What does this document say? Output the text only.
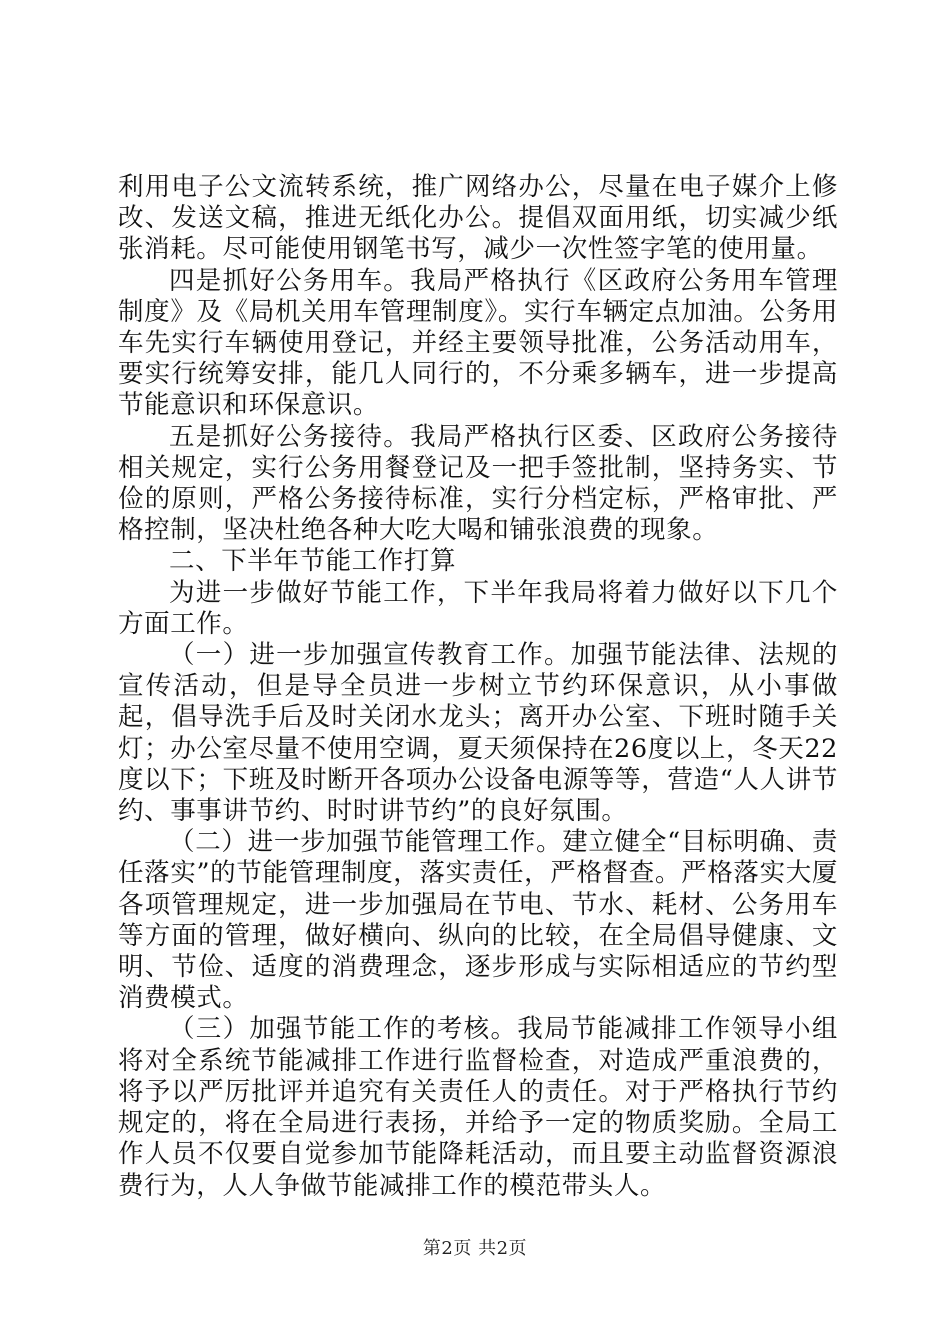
利用电子公文流转系统，推广网络办公，尽量在电子媒介上修改、发送文稿，推进无纸化办公。提倡双面用纸，切实减少纸张消耗。尽可能使用钢笔书写，减少一次性签字笔的使用量。

四是抓好公务用车。我局严格执行《区政府公务用车管理制度》及《局机关用车管理制度》。实行车辆定点加油。公务用车先实行车辆使用登记，并经主要领导批准，公务活动用车，要实行统筹安排，能几人同行的，不分乘多辆车，进一步提高节能意识和环保意识。

五是抓好公务接待。我局严格执行区委、区政府公务接待相关规定，实行公务用餐登记及一把手签批制，坚持务实、节俭的原则，严格公务接待标准，实行分档定标，严格审批、严格控制，坚决杜绝各种大吃大喝和铺张浪费的现象。

二、下半年节能工作打算

为进一步做好节能工作，下半年我局将着力做好以下几个方面工作。

（一）进一步加强宣传教育工作。加强节能法律、法规的宣传活动，但是导全员进一步树立节约环保意识，从小事做起，倡导洗手后及时关闭水龙头；离开办公室、下班时随手关灯；办公室尽量不使用空调，夏天须保持在26度以上，冬天22度以下；下班及时断开各项办公设备电源等等，营造“人人讲节约、事事讲节约、时时讲节约”的良好氛围。

（二）进一步加强节能管理工作。建立健全“目标明确、责任落实”的节能管理制度，落实责任，严格督查。严格落实大厦各项管理规定，进一步加强局在节电、节水、耗材、公务用车等方面的管理，做好横向、纵向的比较，在全局倡导健康、文明、节俭、适度的消费理念，逐步形成与实际相适应的节约型消费模式。

（三）加强节能工作的考核。我局节能减排工作领导小组将对全系统节能减排工作进行监督检查，对造成严重浪费的，将予以严厉批评并追究有关责任人的责任。对于严格执行节约规定的，将在全局进行表扬，并给予一定的物质奖励。全局工作人员不仅要自觉参加节能降耗活动，而且要主动监督资源浪费行为，人人争做节能减排工作的模范带头人。

第2页 共2页
